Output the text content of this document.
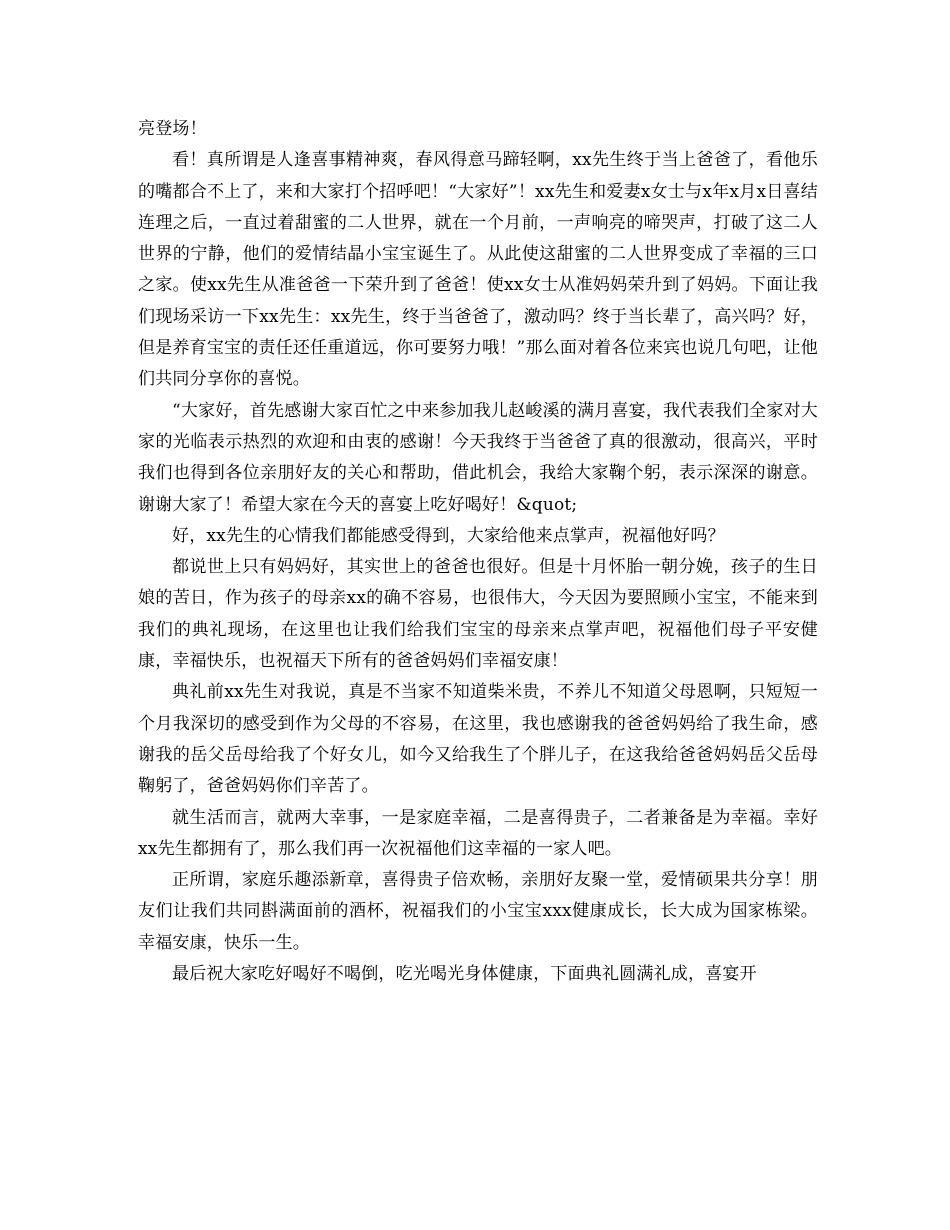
亮登场！

看！真所谓是人逢喜事精神爽，春风得意马蹄轻啊，xx先生终于当上爸爸了，看他乐的嘴都合不上了，来和大家打个招呼吧！“大家好”！xx先生和爱妻x女士与x年x月x日喜结连理之后，一直过着甜蜜的二人世界，就在一个月前，一声响亮的啼哭声，打破了这二人世界的宁静，他们的爱情结晶小宝宝诞生了。从此使这甜蜜的二人世界变成了幸福的三口之家。使xx先生从准爸爸一下荣升到了爸爸！使xx女士从准妈妈荣升到了妈妈。下面让我们现场采访一下xx先生：xx先生，终于当爸爸了，激动吗？终于当长辈了，高兴吗？好，但是养育宝宝的责任还任重道远，你可要努力哦！”那么面对着各位来宾也说几句吧，让他们共同分享你的喜悦。

“大家好，首先感谢大家百忙之中来参加我儿赵峻溪的满月喜宴，我代表我们全家对大家的光临表示热烈的欢迎和由衷的感谢！今天我终于当爸爸了真的很激动，很高兴，平时我们也得到各位亲朋好友的关心和帮助，借此机会，我给大家鞠个躬，表示深深的谢意。谢谢大家了！希望大家在今天的喜宴上吃好喝好！&quot;

好，xx先生的心情我们都能感受得到，大家给他来点掌声，祝福他好吗？

都说世上只有妈妈好，其实世上的爸爸也很好。但是十月怀胎一朝分娩，孩子的生日娘的苦日，作为孩子的母亲xx的确不容易，也很伟大，今天因为要照顾小宝宝，不能来到我们的典礼现场，在这里也让我们给我们宝宝的母亲来点掌声吧，祝福他们母子平安健康，幸福快乐，也祝福天下所有的爸爸妈妈们幸福安康！

典礼前xx先生对我说，真是不当家不知道柴米贵，不养儿不知道父母恩啊，只短短一个月我深切的感受到作为父母的不容易，在这里，我也感谢我的爸爸妈妈给了我生命，感谢我的岳父岳母给我了个好女儿，如今又给我生了个胖儿子，在这我给爸爸妈妈岳父岳母鞠躬了，爸爸妈妈你们辛苦了。

就生活而言，就两大幸事，一是家庭幸福，二是喜得贵子，二者兼备是为幸福。幸好xx先生都拥有了，那么我们再一次祝福他们这幸福的一家人吧。

正所谓，家庭乐趣添新章，喜得贵子倍欢畅，亲朋好友聚一堂，爱情硕果共分享！朋友们让我们共同斟满面前的酒杯，祝福我们的小宝宝xxx健康成长，长大成为国家栋梁。幸福安康，快乐一生。

最后祝大家吃好喝好不喝倒，吃光喝光身体健康，下面典礼圆满礼成，喜宴开
